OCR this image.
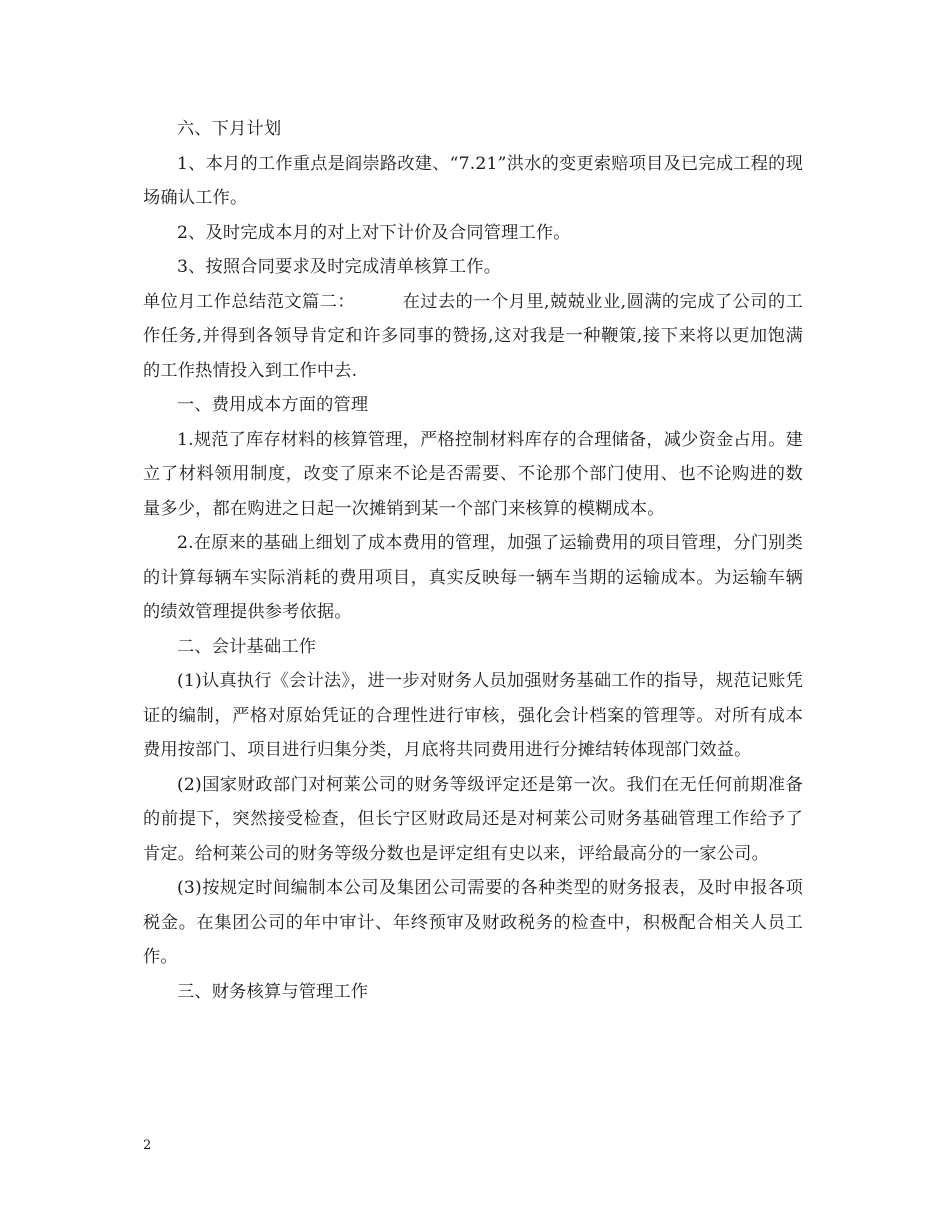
六、下月计划

1、本月的工作重点是阎崇路改建、“7.21”洪水的变更索赔项目及已完成工程的现场确认工作。

2、及时完成本月的对上对下计价及合同管理工作。

3、按照合同要求及时完成清单核算工作。

单位月工作总结范文篇二：        在过去的一个月里,兢兢业业,圆满的完成了公司的工作任务,并得到各领导肯定和许多同事的赞扬,这对我是一种鞭策,接下来将以更加饱满的工作热情投入到工作中去.

一、费用成本方面的管理

1.规范了库存材料的核算管理，严格控制材料库存的合理储备，减少资金占用。建立了材料领用制度，改变了原来不论是否需要、不论那个部门使用、也不论购进的数量多少，都在购进之日起一次摊销到某一个部门来核算的模糊成本。

2.在原来的基础上细划了成本费用的管理，加强了运输费用的项目管理，分门别类的计算每辆车实际消耗的费用项目，真实反映每一辆车当期的运输成本。为运输车辆的绩效管理提供参考依据。

二、会计基础工作

(1)认真执行《会计法》，进一步对财务人员加强财务基础工作的指导，规范记账凭证的编制，严格对原始凭证的合理性进行审核，强化会计档案的管理等。对所有成本费用按部门、项目进行归集分类，月底将共同费用进行分摊结转体现部门效益。

(2)国家财政部门对柯莱公司的财务等级评定还是第一次。我们在无任何前期准备的前提下，突然接受检查，但长宁区财政局还是对柯莱公司财务基础管理工作给予了肯定。给柯莱公司的财务等级分数也是评定组有史以来，评给最高分的一家公司。

(3)按规定时间编制本公司及集团公司需要的各种类型的财务报表，及时申报各项税金。在集团公司的年中审计、年终预审及财政税务的检查中，积极配合相关人员工作。

三、财务核算与管理工作

2
